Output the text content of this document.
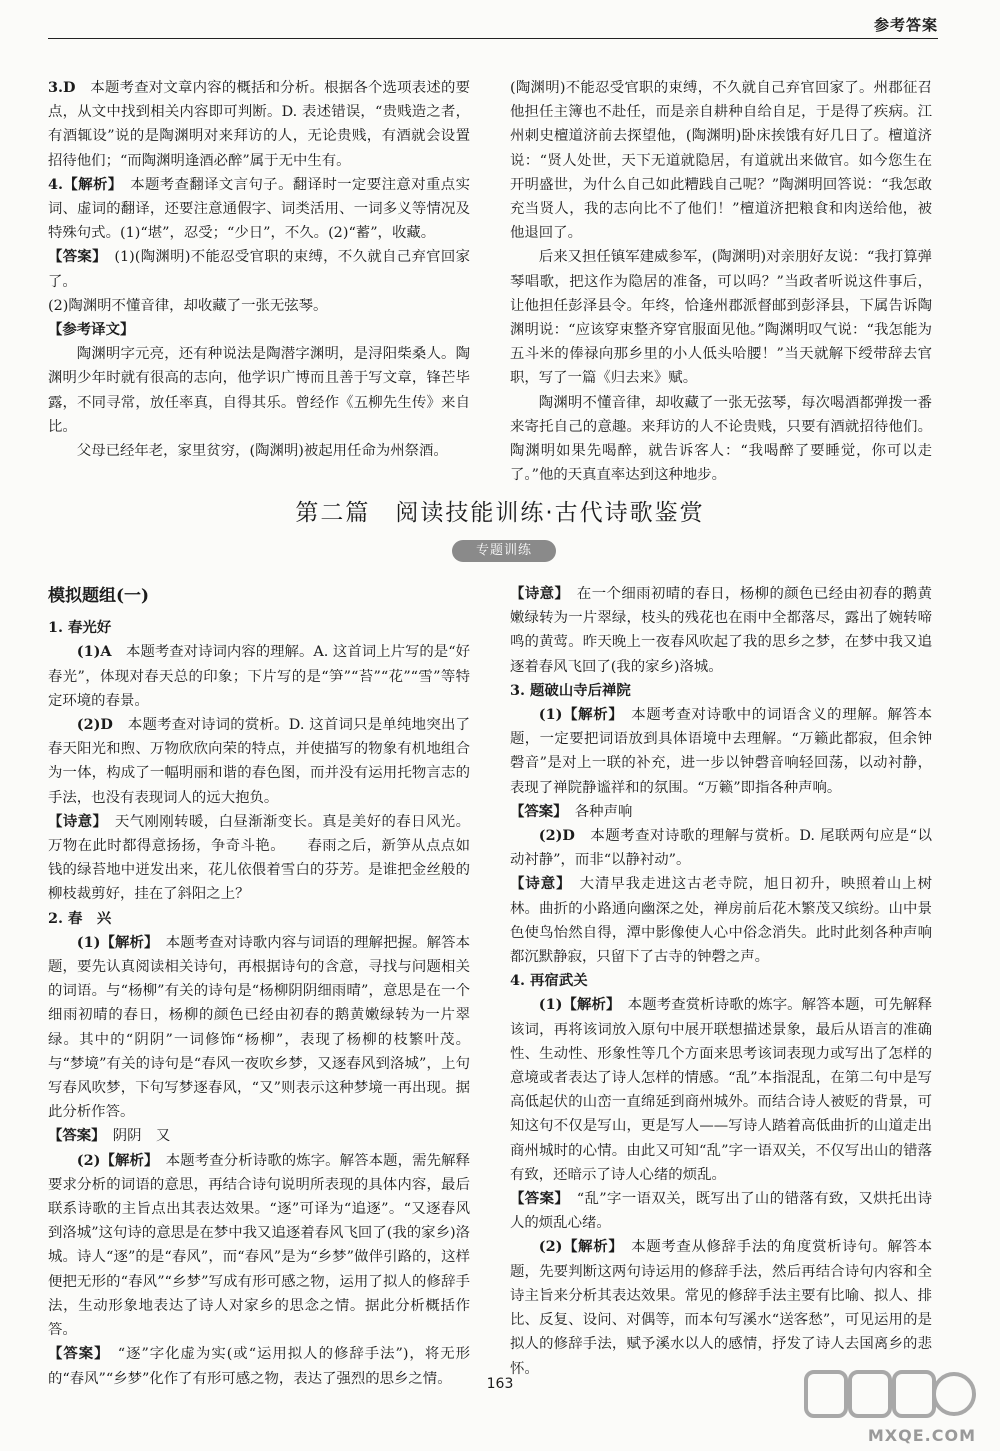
参考答案

3.D　 本题考查对文章内容的概括和分析。根据各个选项表述的要点，从文中找到相关内容即可判断。D. 表述错误，“贵贱造之者，有酒辄设”说的是陶渊明对来拜访的人，无论贵贱，有酒就会设置招待他们；“而陶渊明逢酒必醉”属于无中生有。

4.【解析】　 本题考查翻译文言句子。翻译时一定要注意对重点实词、虚词的翻译，还要注意通假字、词类活用、一词多义等情况及特殊句式。(1)“堪”，忍受；“少日”，不久。(2)“蓄”，收藏。

【答案】　 (1)(陶渊明)不能忍受官职的束缚，不久就自己弃官回家了。

(2)陶渊明不懂音律，却收藏了一张无弦琴。

【参考译文】

陶渊明字元亮，还有种说法是陶潜字渊明，是浔阳柴桑人。陶渊明少年时就有很高的志向，他学识广博而且善于写文章，锋芒毕露，不同寻常，放任率真，自得其乐。曾经作《五柳先生传》来自比。

父母已经年老，家里贫穷，(陶渊明)被起用任命为州祭酒。

(陶渊明)不能忍受官职的束缚，不久就自己弃官回家了。州郡征召他担任主簿也不赴任，而是亲自耕种自给自足，于是得了疾病。江州刺史檀道济前去探望他，(陶渊明)卧床挨饿有好几日了。檀道济说：“贤人处世，天下无道就隐居，有道就出来做官。如今您生在开明盛世，为什么自己如此糟践自己呢？”陶渊明回答说：“我怎敢充当贤人，我的志向比不了他们！”檀道济把粮食和肉送给他，被他退回了。

后来又担任镇军建威参军，(陶渊明)对亲朋好友说：“我打算弹琴唱歌，把这作为隐居的准备，可以吗？”当政者听说这件事后，让他担任彭泽县令。年终，恰逢州郡派督邮到彭泽县，下属告诉陶渊明说：“应该穿束整齐穿官服面见他。”陶渊明叹气说：“我怎能为五斗米的俸禄向那乡里的小人低头哈腰！”当天就解下绶带辞去官职，写了一篇《归去来》赋。

陶渊明不懂音律，却收藏了一张无弦琴，每次喝酒都弹拨一番来寄托自己的意趣。来拜访的人不论贵贱，只要有酒就招待他们。陶渊明如果先喝醉，就告诉客人：“我喝醉了要睡觉，你可以走了。”他的天真直率达到这种地步。

第二篇　阅读技能训练·古代诗歌鉴赏
专题训练

模拟题组(一)

1. 春光好

(1)A　 本题考查对诗词内容的理解。A. 这首词上片写的是“好春光”，体现对春天总的印象；下片写的是“笋”“苔”“花”“雪”等特定环境的春景。

(2)D　 本题考查对诗词的赏析。D. 这首词只是单纯地突出了春天阳光和煦、万物欣欣向荣的特点，并使描写的物象有机地组合为一体，构成了一幅明丽和谐的春色图，而并没有运用托物言志的手法，也没有表现词人的远大抱负。

【诗意】　 天气刚刚转暖，白昼渐渐变长。真是美好的春日风光。万物在此时都得意扬扬，争奇斗艳。　　春雨之后，新笋从点点如钱的绿苔地中迸发出来，花儿依偎着雪白的芬芳。是谁把金丝般的柳枝裁剪好，挂在了斜阳之上？

2. 春　兴

(1)【解析】　 本题考查对诗歌内容与词语的理解把握。解答本题，要先认真阅读相关诗句，再根据诗句的含意，寻找与问题相关的词语。与“杨柳”有关的诗句是“杨柳阴阴细雨晴”，意思是在一个细雨初晴的春日，杨柳的颜色已经由初春的鹅黄嫩绿转为一片翠绿。其中的“阴阴”一词修饰“杨柳”，表现了杨柳的枝繁叶茂。与“梦境”有关的诗句是“春风一夜吹乡梦，又逐春风到洛城”，上句写春风吹梦，下句写梦逐春风，“又”则表示这种梦境一再出现。据此分析作答。

【答案】　 阴阴　又

(2)【解析】　 本题考查分析诗歌的炼字。解答本题，需先解释要求分析的词语的意思，再结合诗句说明所表现的具体内容，最后联系诗歌的主旨点出其表达效果。“逐”可译为“追逐”。“又逐春风到洛城”这句诗的意思是在梦中我又追逐着春风飞回了(我的家乡)洛城。诗人“逐”的是“春风”，而“春风”是为“乡梦”做伴引路的，这样便把无形的“春风”“乡梦”写成有形可感之物，运用了拟人的修辞手法，生动形象地表达了诗人对家乡的思念之情。据此分析概括作答。

【答案】　 “逐”字化虚为实(或“运用拟人的修辞手法”)，将无形的“春风”“乡梦”化作了有形可感之物，表达了强烈的思乡之情。

【诗意】　 在一个细雨初晴的春日，杨柳的颜色已经由初春的鹅黄嫩绿转为一片翠绿，枝头的残花也在雨中全都落尽，露出了婉转啼鸣的黄莺。昨天晚上一夜春风吹起了我的思乡之梦，在梦中我又追逐着春风飞回了(我的家乡)洛城。

3. 题破山寺后禅院

(1)【解析】　 本题考查对诗歌中的词语含义的理解。解答本题，一定要把词语放到具体语境中去理解。“万籁此都寂，但余钟磬音”是对上一联的补充，进一步以钟磬音响轻回荡，以动衬静，表现了禅院静谧祥和的氛围。“万籁”即指各种声响。

【答案】　 各种声响

(2)D　 本题考查对诗歌的理解与赏析。D. 尾联两句应是“以动衬静”，而非“以静衬动”。

【诗意】　 大清早我走进这古老寺院，旭日初升，映照着山上树林。曲折的小路通向幽深之处，禅房前后花木繁茂又缤纷。山中景色使鸟怡然自得，潭中影像使人心中俗念消失。此时此刻各种声响都沉默静寂，只留下了古寺的钟磬之声。

4. 再宿武关

(1)【解析】　 本题考查赏析诗歌的炼字。解答本题，可先解释该词，再将该词放入原句中展开联想描述景象，最后从语言的准确性、生动性、形象性等几个方面来思考该词表现力或写出了怎样的意境或者表达了诗人怎样的情感。“乱”本指混乱，在第二句中是写高低起伏的山峦一直绵延到商州城外。而结合诗人被贬的背景，可知这句不仅是写山，更是写人——写诗人踏着高低曲折的山道走出商州城时的心情。由此又可知“乱”字一语双关，不仅写出山的错落有致，还暗示了诗人心绪的烦乱。

【答案】　 “乱”字一语双关，既写出了山的错落有致，又烘托出诗人的烦乱心绪。

(2)【解析】　 本题考查从修辞手法的角度赏析诗句。解答本题，先要判断这两句诗运用的修辞手法，然后再结合诗句内容和全诗主旨来分析其表达效果。常见的修辞手法主要有比喻、拟人、排比、反复、设问、对偶等，而本句写溪水“送客愁”，可见运用的是拟人的修辞手法，赋予溪水以人的感情，抒发了诗人去国离乡的悲怀。

163
MXQE.COM
